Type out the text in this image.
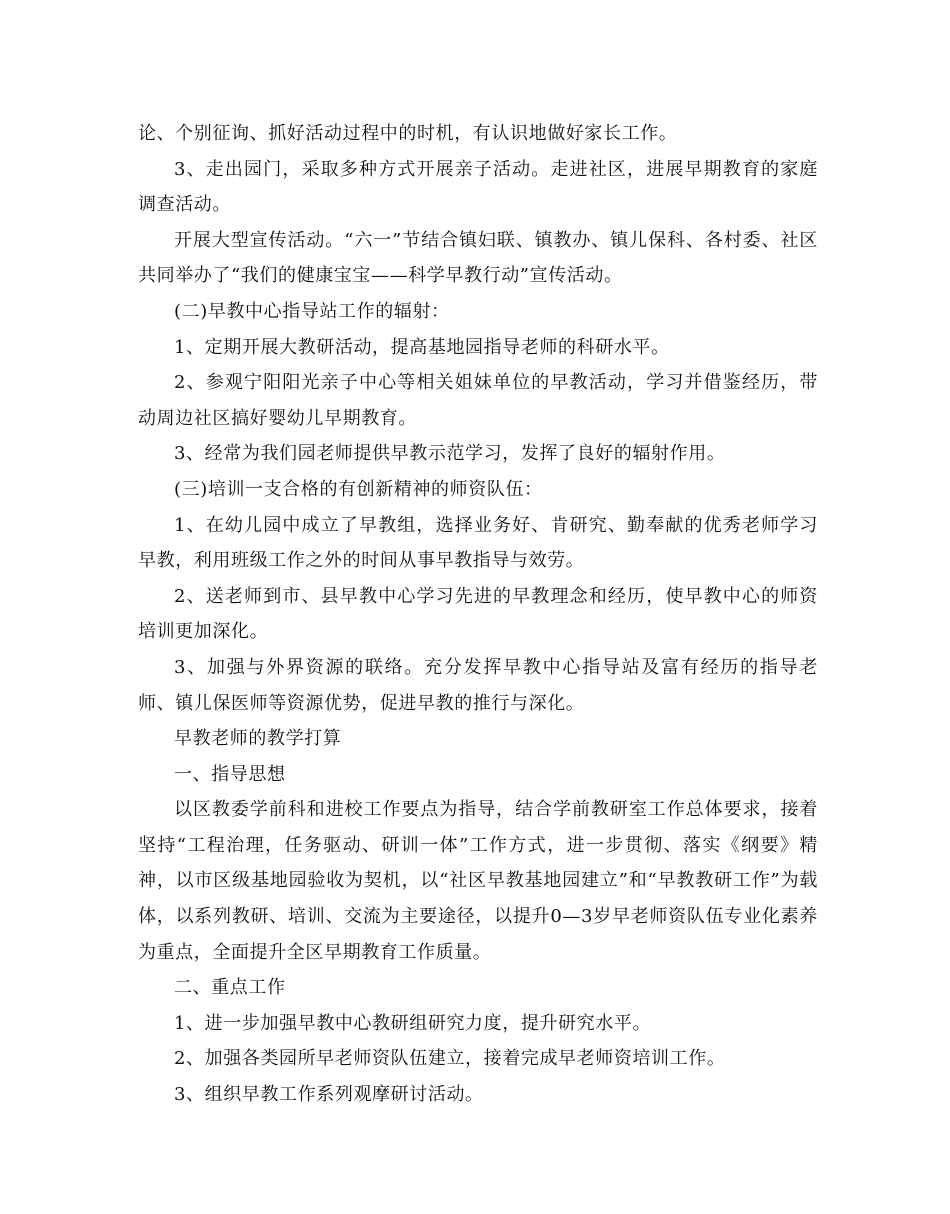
论、个别征询、抓好活动过程中的时机，有认识地做好家长工作。

3、走出园门，采取多种方式开展亲子活动。走进社区，进展早期教育的家庭调查活动。

开展大型宣传活动。“六一”节结合镇妇联、镇教办、镇儿保科、各村委、社区共同举办了“我们的健康宝宝——科学早教行动”宣传活动。

(二)早教中心指导站工作的辐射：

1、定期开展大教研活动，提高基地园指导老师的科研水平。

2、参观宁阳阳光亲子中心等相关姐妹单位的早教活动，学习并借鉴经历，带动周边社区搞好婴幼儿早期教育。

3、经常为我们园老师提供早教示范学习，发挥了良好的辐射作用。

(三)培训一支合格的有创新精神的师资队伍：

1、在幼儿园中成立了早教组，选择业务好、肯研究、勤奉献的优秀老师学习早教，利用班级工作之外的时间从事早教指导与效劳。

2、送老师到市、县早教中心学习先进的早教理念和经历，使早教中心的师资培训更加深化。

3、加强与外界资源的联络。充分发挥早教中心指导站及富有经历的指导老师、镇儿保医师等资源优势，促进早教的推行与深化。

早教老师的教学打算

一、指导思想

以区教委学前科和进校工作要点为指导，结合学前教研室工作总体要求，接着坚持“工程治理，任务驱动、研训一体”工作方式，进一步贯彻、落实《纲要》精神，以市区级基地园验收为契机，以“社区早教基地园建立”和“早教教研工作”为载体，以系列教研、培训、交流为主要途径，以提升0—3岁早老师资队伍专业化素养为重点，全面提升全区早期教育工作质量。

二、重点工作

1、进一步加强早教中心教研组研究力度，提升研究水平。

2、加强各类园所早老师资队伍建立，接着完成早老师资培训工作。

3、组织早教工作系列观摩研讨活动。
